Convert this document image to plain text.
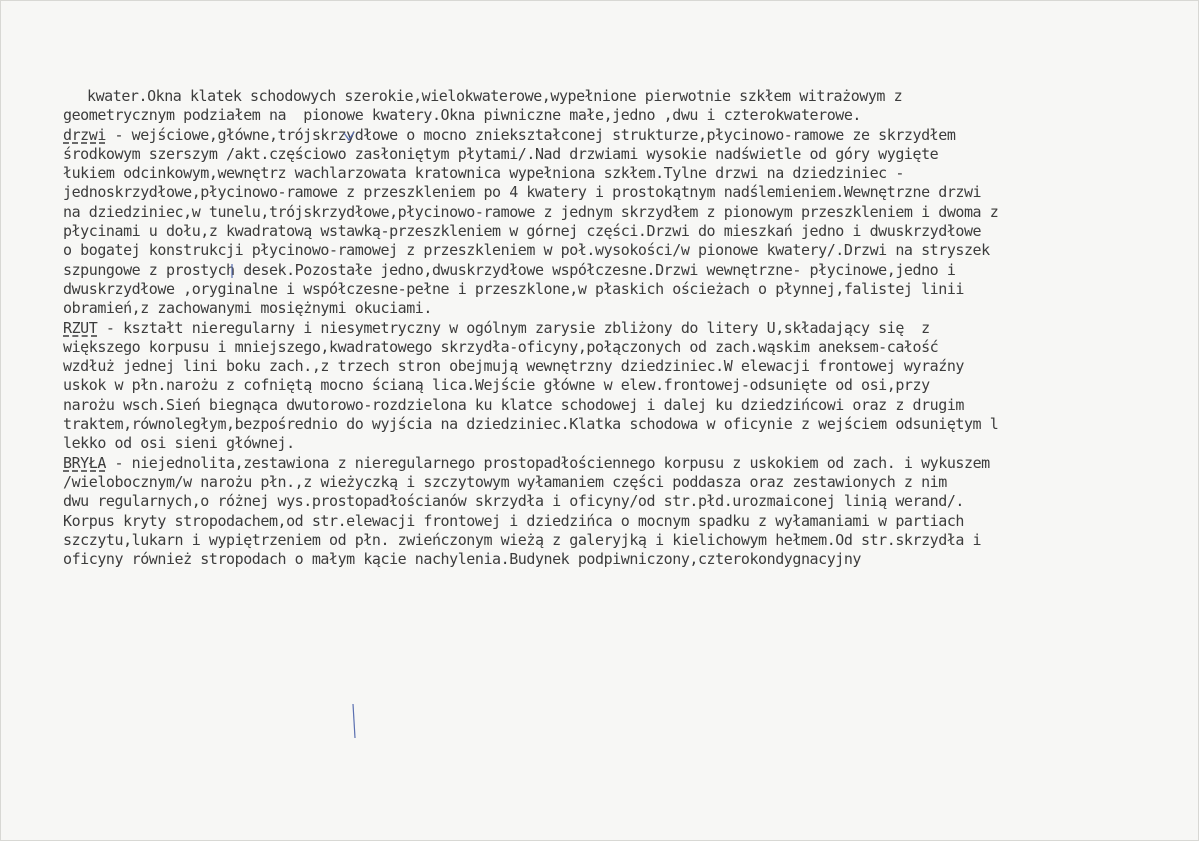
kwater.Okna klatek schodowych szerokie,wielokwaterowe,wypełnione pierwotnie szkłem witrażowym z
geometrycznym podziałem na  pionowe kwatery.Okna piwniczne małe,jedno ,dwu i czterokwaterowe.
drzwi - wejściowe,główne,trójskrzydłowe o mocno zniekształconej strukturze,płycinowo-ramowe ze skrzydłem
środkowym szerszym /akt.częściowo zasłoniętym płytami/.Nad drzwiami wysokie nadświetle od góry wygięte
łukiem odcinkowym,wewnętrz wachlarzowata kratownica wypełniona szkłem.Tylne drzwi na dziedziniec -
jednoskrzydłowe,płycinowo-ramowe z przeszkleniem po 4 kwatery i prostokątnym nadślemieniem.Wewnętrzne drzwi
na dziedziniec,w tunelu,trójskrzydłowe,płycinowo-ramowe z jednym skrzydłem z pionowym przeszkleniem i dwoma z
płycinami u dołu,z kwadratową wstawką-przeszkleniem w górnej części.Drzwi do mieszkań jedno i dwuskrzydłowe
o bogatej konstrukcji płycinowo-ramowej z przeszkleniem w poł.wysokości/w pionowe kwatery/.Drzwi na stryszek
szpungowe z prostych desek.Pozostałe jedno,dwuskrzydłowe współczesne.Drzwi wewnętrzne- płycinowe,jedno i
dwuskrzydłowe ,oryginalne i współczesne-pełne i przeszklone,w płaskich ościeżach o płynnej,falistej linii
obramień,z zachowanymi mosiężnymi okuciami.
RZUT - kształt nieregularny i niesymetryczny w ogólnym zarysie zbliżony do litery U,składający się  z
większego korpusu i mniejszego,kwadratowego skrzydła-oficyny,połączonych od zach.wąskim aneksem-całość
wzdłuż jednej lini boku zach.,z trzech stron obejmują wewnętrzny dziedziniec.W elewacji frontowej wyraźny
uskok w płn.narożu z cofniętą mocno ścianą lica.Wejście główne w elew.frontowej-odsunięte od osi,przy
narożu wsch.Sień biegnąca dwutorowo-rozdzielona ku klatce schodowej i dalej ku dziedzińcowi oraz z drugim
traktem,równoległym,bezpośrednio do wyjścia na dziedziniec.Klatka schodowa w oficynie z wejściem odsuniętym l
lekko od osi sieni głównej.
BRYŁA - niejednolita,zestawiona z nieregularnego prostopadłościennego korpusu z uskokiem od zach. i wykuszem
/wielobocznym/w narożu płn.,z wieżyczką i szczytowym wyłamaniem części poddasza oraz zestawionych z nim
dwu regularnych,o różnej wys.prostopadłościanów skrzydła i oficyny/od str.płd.urozmaiconej linią werand/.
Korpus kryty stropodachem,od str.elewacji frontowej i dziedzińca o mocnym spadku z wyłamaniami w partiach
szczytu,lukarn i wypiętrzeniem od płn. zwieńczonym wieżą z galeryjką i kielichowym hełmem.Od str.skrzydła i
oficyny również stropodach o małym kącie nachylenia.Budynek podpiwniczony,czterokondygnacyjny
